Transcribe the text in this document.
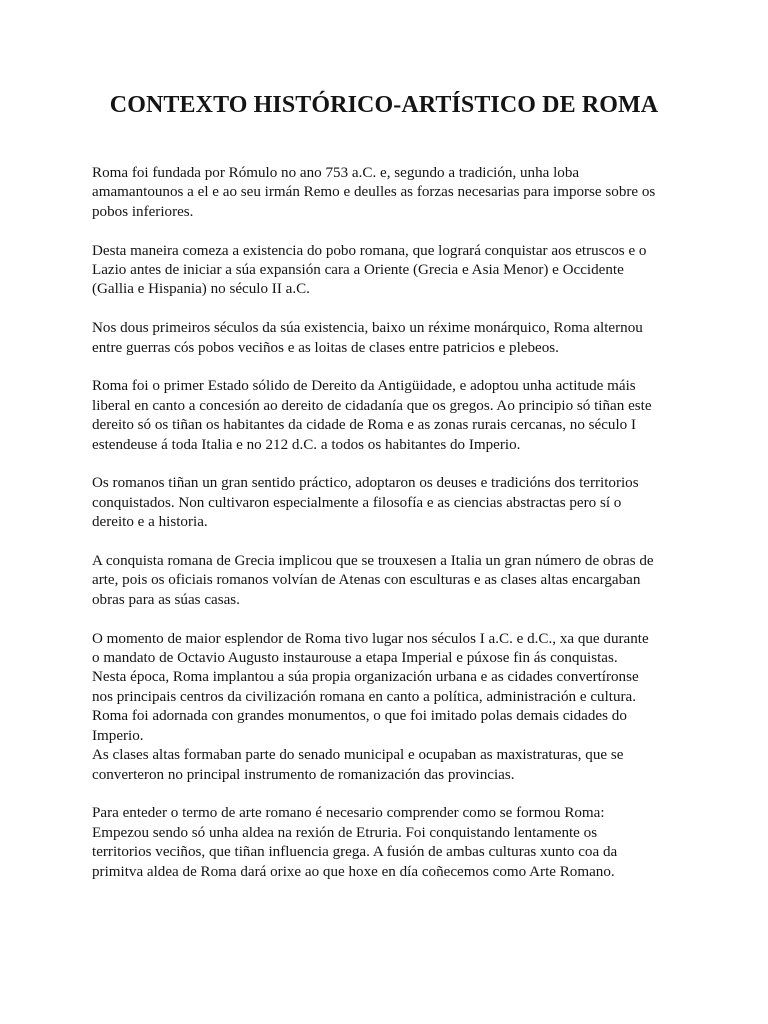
CONTEXTO HISTÓRICO-ARTÍSTICO DE ROMA

Roma foi fundada por Rómulo no ano 753 a.C. e, segundo a tradición, unha loba
amamantounos a el e ao seu irmán Remo e deulles as forzas necesarias para imporse sobre os
pobos inferiores.

Desta maneira comeza a existencia do pobo romana, que logrará conquistar aos etruscos e o
Lazio antes de iniciar a súa expansión cara a Oriente (Grecia e Asia Menor) e Occidente
(Gallia e Hispania) no século II a.C.

Nos dous primeiros séculos da súa existencia, baixo un réxime monárquico, Roma alternou
entre guerras cós pobos veciños e as loitas de clases entre patricios e plebeos.

Roma foi o primer Estado sólido de Dereito da Antigüidade, e adoptou unha actitude máis
liberal en canto a concesión ao dereito de cidadanía que os gregos. Ao principio só tiñan este
dereito só os tiñan os habitantes da cidade de Roma e as zonas rurais cercanas, no século I
estendeuse á toda Italia e no 212 d.C. a todos os habitantes do Imperio.

Os romanos tiñan un gran sentido práctico, adoptaron os deuses e tradicións dos territorios
conquistados. Non cultivaron especialmente a filosofía e as ciencias abstractas pero sí o
dereito e a historia.

A conquista romana de Grecia implicou que se trouxesen a Italia un gran número de obras de
arte, pois os oficiais romanos volvían de Atenas con esculturas e as clases altas encargaban
obras para as súas casas.

O momento de maior esplendor de Roma tivo lugar nos séculos I a.C. e d.C., xa que durante
o mandato de Octavio Augusto instaurouse a etapa Imperial e púxose fin ás conquistas.
Nesta época, Roma implantou a súa propia organización urbana e as cidades convertíronse
nos principais centros da civilización romana en canto a política, administración e cultura.
Roma foi adornada con grandes monumentos, o que foi imitado polas demais cidades do
Imperio.
As clases altas formaban parte do senado municipal e ocupaban as maxistraturas, que se
converteron no principal instrumento de romanización das provincias.

Para enteder o termo de arte romano é necesario comprender como se formou Roma:
Empezou sendo só unha aldea na rexión de Etruria. Foi conquistando lentamente os
territorios veciños, que tiñan influencia grega. A fusión de ambas culturas xunto coa da
primitva aldea de Roma dará orixe ao que hoxe en día coñecemos como Arte Romano.
